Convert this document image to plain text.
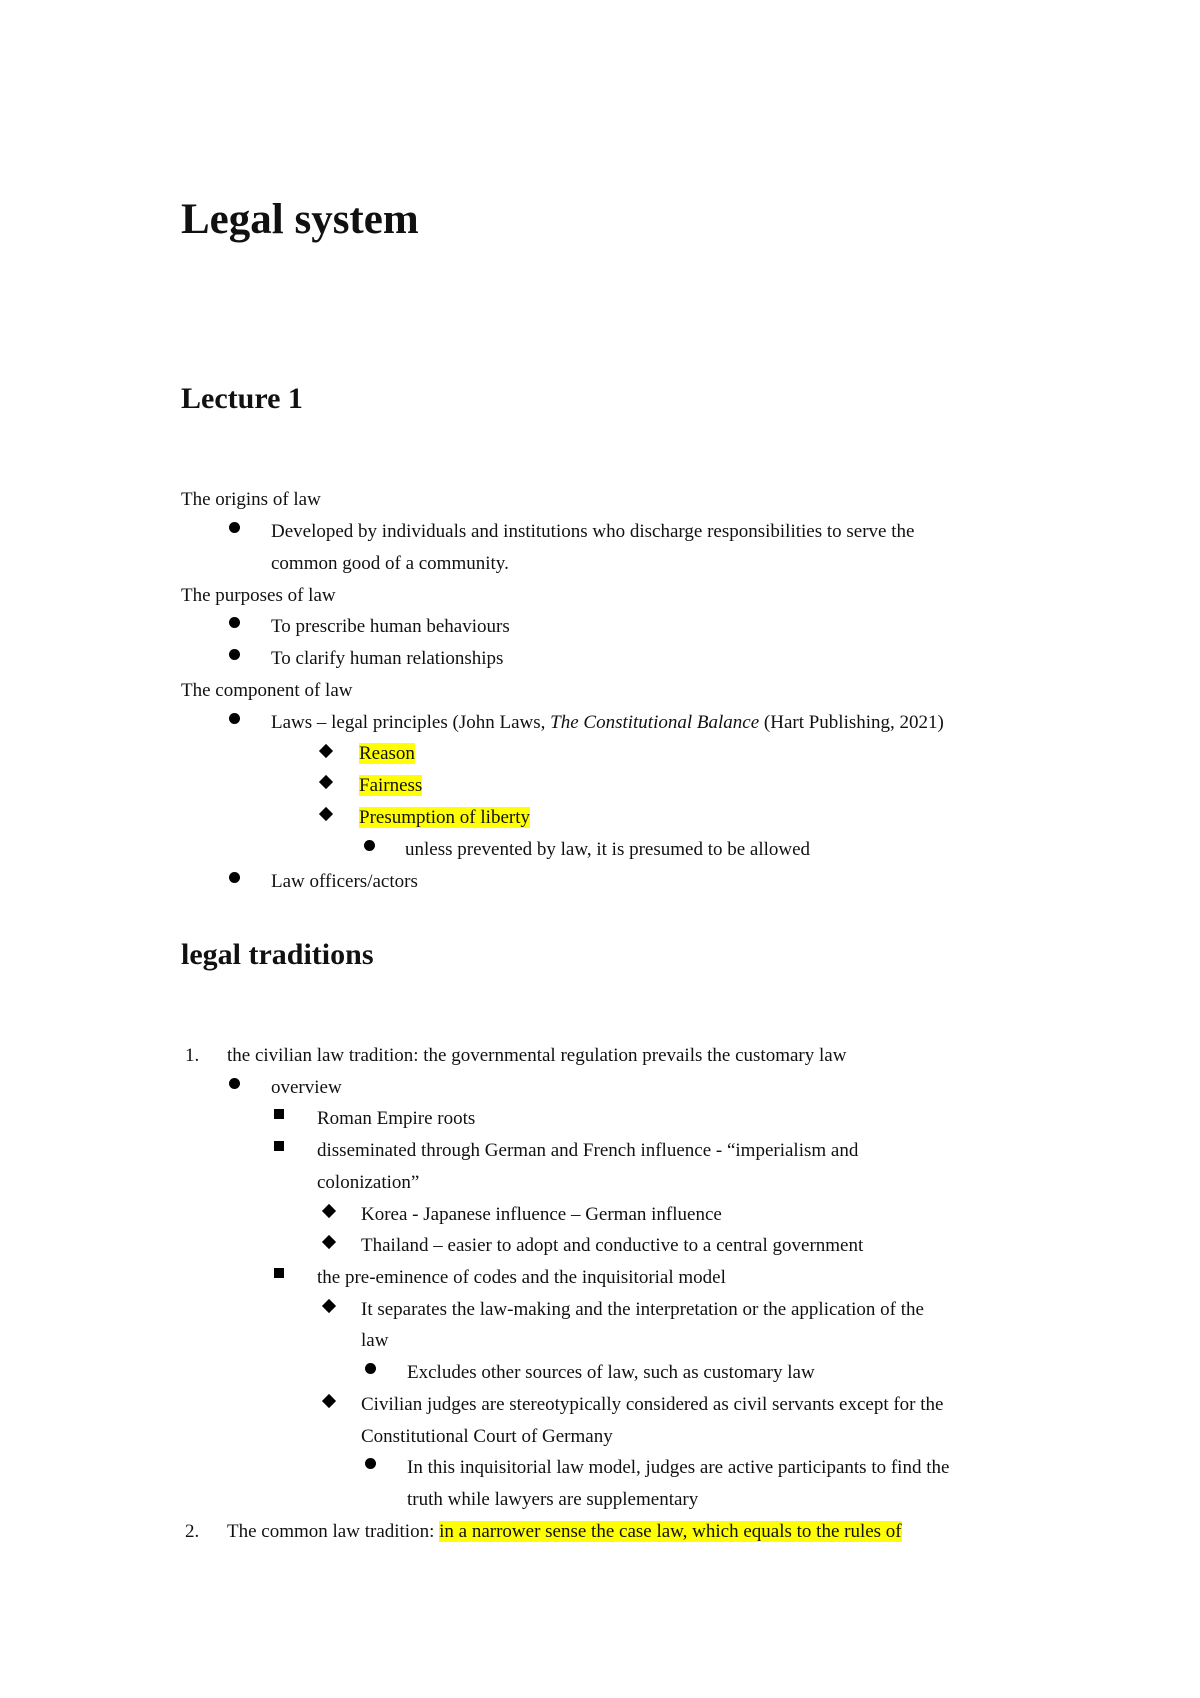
Legal system
Lecture 1
The origins of law
Developed by individuals and institutions who discharge responsibilities to serve the
common good of a community.
The purposes of law
To prescribe human behaviours
To clarify human relationships
The component of law
Laws – legal principles (John Laws, The Constitutional Balance (Hart Publishing, 2021)
Reason
Fairness
Presumption of liberty
unless prevented by law, it is presumed to be allowed
Law officers/actors
legal traditions
1. the civilian law tradition: the governmental regulation prevails the customary law
overview
Roman Empire roots
disseminated through German and French influence - “imperialism and
colonization”
Korea - Japanese influence – German influence
Thailand – easier to adopt and conductive to a central government
the pre-eminence of codes and the inquisitorial model
It separates the law-making and the interpretation or the application of the
law
Excludes other sources of law, such as customary law
Civilian judges are stereotypically considered as civil servants except for the
Constitutional Court of Germany
In this inquisitorial law model, judges are active participants to find the
truth while lawyers are supplementary
2. The common law tradition: in a narrower sense the case law, which equals to the rules of
